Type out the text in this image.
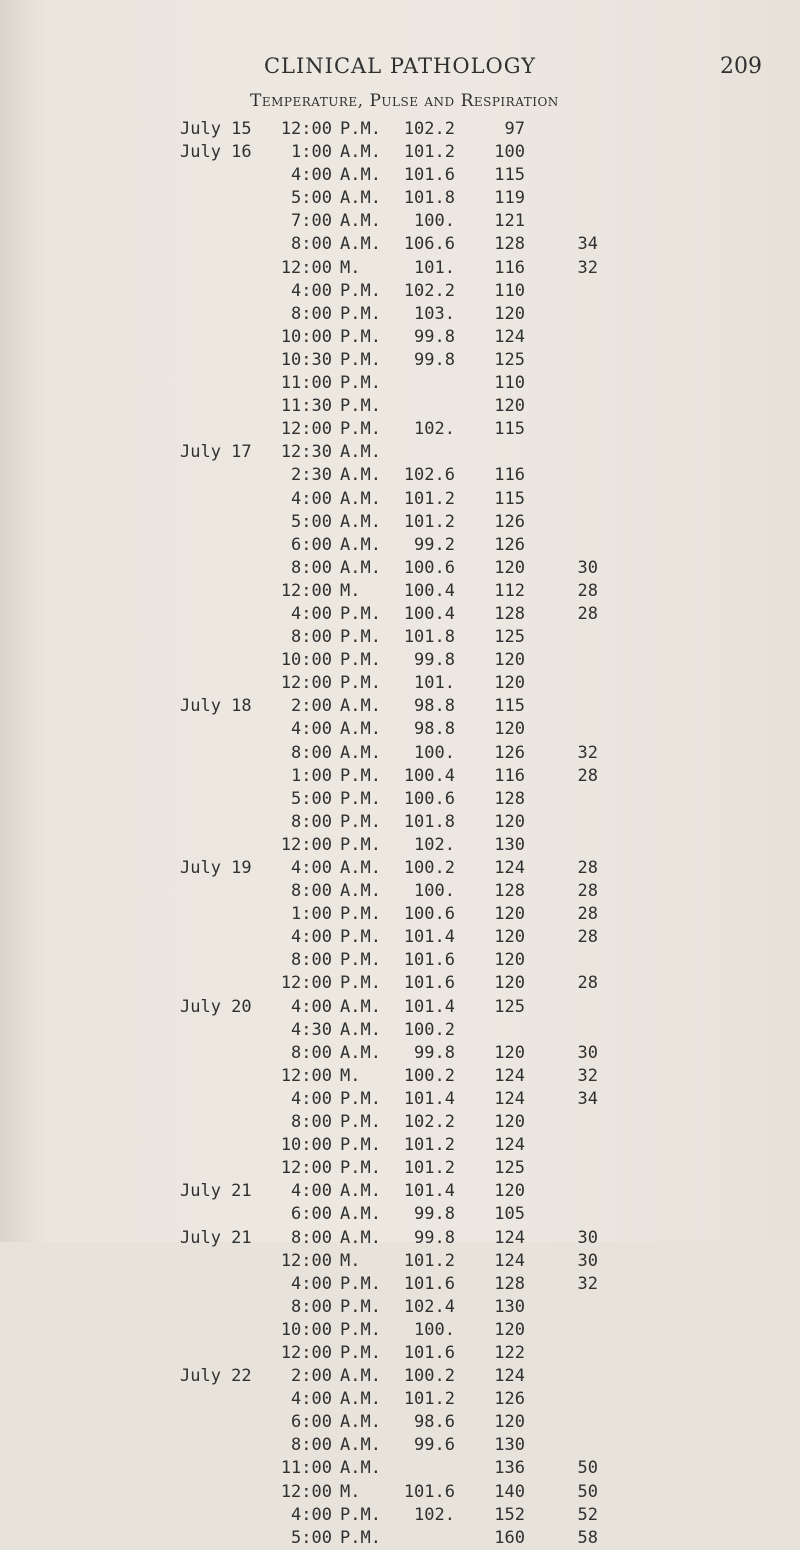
CLINICAL PATHOLOGY	209
Temperature, Pulse and Respiration
July 15 12:00 P.M. 102.2	97
July 16 1:00 A.M. 101.2 100
4:00 A.M. 101.6 115
5:00 A.M. 101.8 119
7:00 A.M. 100. 121
8:00 A.M. 106.6 128	34
12:00 M.	101. 116	32
4:00 P.M. 102.2 110
8:00 P.M. 103. 120
10:00 P.M. 99.8 124
10:30 P.M. 99.8 125
11:00 P.M.	110
11:30 P.M.	120
12:00 P.M. 102. 115
July 17 12:30 A.M.
2:30 A.M. 102.6 116
4:00 A.M. 101.2 115
5:00 A.M. 101.2 126
6:00 A.M. 99.2 126
8:00 A.M. 100.6 120	30
12:00 M.	100.4 112	28
4:00 P.M. 100.4 128	28
8:00 P.M. 101.8 125
10:00 P.M. 99.8 120
12:00 P.M. 101. 120
July 18 2:00 A.M. 98.8 115
4:00 A.M. 98.8 120
8:00 A.M. 100. 126	32
1:00 P.M. 100.4 116	28
5:00 P.M. 100.6 128
8:00 P.M. 101.8 120
12:00 P.M. 102. 130
July 19 4:00 A.M. 100.2 124	28
8:00 A.M. 100. 128	28
1:00 P.M. 100.6 120	28
4:00 P.M. 101.4 120	28
8:00 P.M. 101.6 120
12:00 P.M. 101.6 120	28
July 20 4:00 A.M. 101.4 125
4:30 A.M. 100.2
8:00 A.M. 99.8 120	30
12:00 M.	100.2 124	32
4:00 P.M. 101.4 124	34
8:00 P.M. 102.2 120
10:00 P.M. 101.2 124
12:00 P.M. 101.2 125
July 21 4:00 A.M. 101.4 120
6:00 A.M. 99.8 105
July 21 8:00 A.M. 99.8 124	30
12:00 M.	101.2 124	30
4:00 P.M. 101.6 128	32
8:00 P.M. 102.4 130
10:00 P.M. 100. 120
12:00 P.M. 101.6 122
July 22 2:00 A.M. 100.2 124
4:00 A.M. 101.2 126
6:00 A.M. 98.6 120
8:00 A.M. 99.6 130
11:00 A.M.	136	50
12:00 M.	101.6 140	50
4:00 P.M. 102. 152	52
5:00 P.M.	160	58
